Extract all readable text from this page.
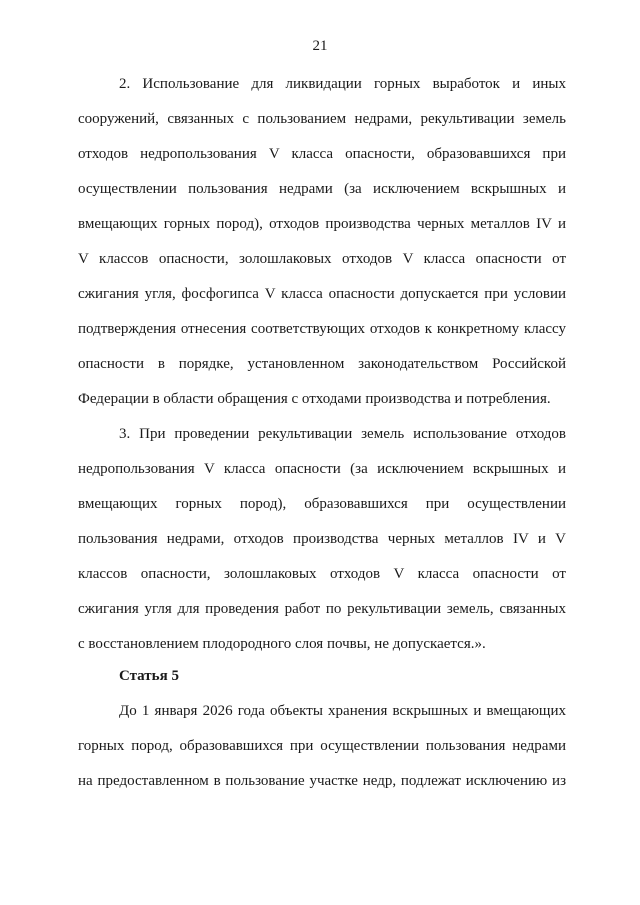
21
2. Использование для ликвидации горных выработок и иных
сооружений, связанных с пользованием недрами, рекультивации земель
отходов недропользования V класса опасности, образовавшихся при
осуществлении пользования недрами (за исключением вскрышных и
вмещающих горных пород), отходов производства черных металлов IV и
V классов опасности, золошлаковых отходов V класса опасности от
сжигания угля, фосфогипса V класса опасности допускается при условии
подтверждения отнесения соответствующих отходов к конкретному классу
опасности в порядке, установленном законодательством Российской
Федерации в области обращения с отходами производства и потребления.
3. При проведении рекультивации земель использование отходов
недропользования V класса опасности (за исключением вскрышных и
вмещающих горных пород), образовавшихся при осуществлении
пользования недрами, отходов производства черных металлов IV и V
классов опасности, золошлаковых отходов V класса опасности от
сжигания угля для проведения работ по рекультивации земель, связанных
с восстановлением плодородного слоя почвы, не допускается.».
Статья 5
До 1 января 2026 года объекты хранения вскрышных и вмещающих
горных пород, образовавшихся при осуществлении пользования недрами
на предоставленном в пользование участке недр, подлежат исключению из
